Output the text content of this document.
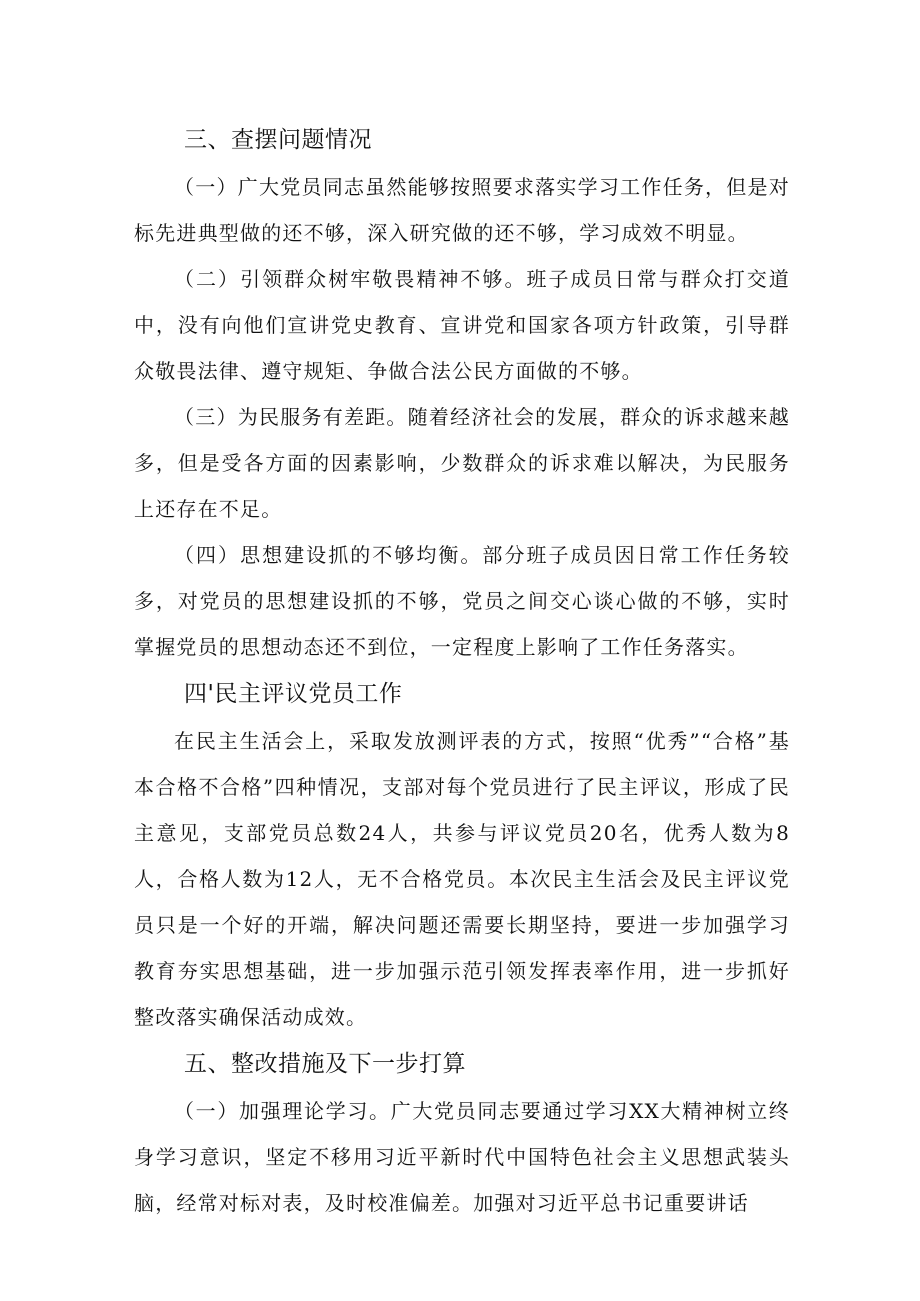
三、查摆问题情况

（一）广大党员同志虽然能够按照要求落实学习工作任务，但是对标先进典型做的还不够，深入研究做的还不够，学习成效不明显。

（二）引领群众树牢敬畏精神不够。班子成员日常与群众打交道中，没有向他们宣讲党史教育、宣讲党和国家各项方针政策，引导群众敬畏法律、遵守规矩、争做合法公民方面做的不够。

（三）为民服务有差距。随着经济社会的发展，群众的诉求越来越多，但是受各方面的因素影响，少数群众的诉求难以解决，为民服务上还存在不足。

（四）思想建设抓的不够均衡。部分班子成员因日常工作任务较多，对党员的思想建设抓的不够，党员之间交心谈心做的不够，实时掌握党员的思想动态还不到位，一定程度上影响了工作任务落实。

四'民主评议党员工作

在民主生活会上，采取发放测评表的方式，按照“优秀”“合格”基本合格不合格”四种情况，支部对每个党员进行了民主评议，形成了民主意见，支部党员总数24人，共参与评议党员20名，优秀人数为8人，合格人数为12人，无不合格党员。本次民主生活会及民主评议党员只是一个好的开端，解决问题还需要长期坚持，要进一步加强学习教育夯实思想基础，进一步加强示范引领发挥表率作用，进一步抓好整改落实确保活动成效。

五、整改措施及下一步打算

（一）加强理论学习。广大党员同志要通过学习XX大精神树立终身学习意识，坚定不移用习近平新时代中国特色社会主义思想武装头脑，经常对标对表，及时校准偏差。加强对习近平总书记重要讲话
